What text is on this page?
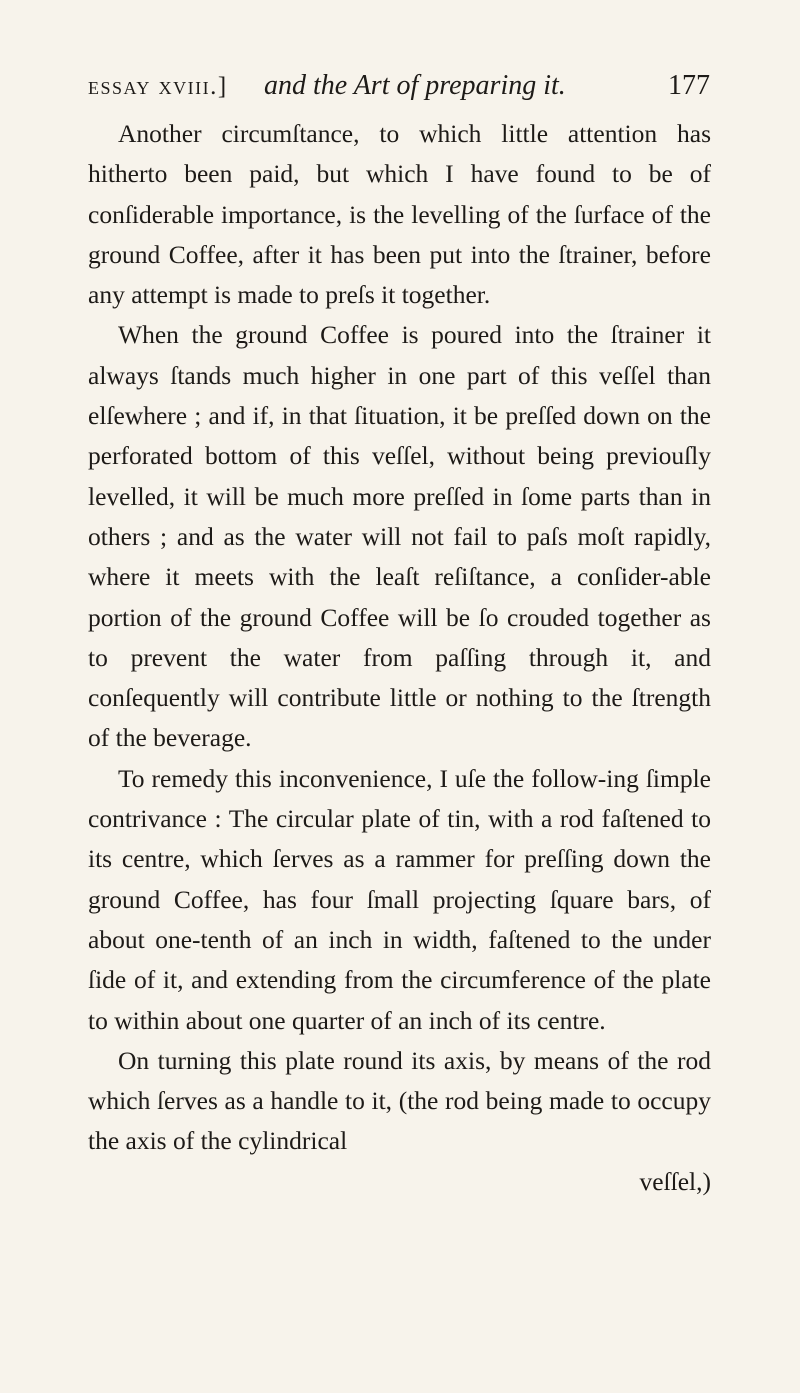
essay xviii.] and the Art of preparing it.	177

Another circumſtance, to which little attention has hitherto been paid, but which I have found to be of conſiderable importance, is the levelling of the ſurface of the ground Coffee, after it has been put into the ſtrainer, before any attempt is made to preſs it together.

When the ground Coffee is poured into the ſtrainer it always ſtands much higher in one part of this veſſel than elſewhere ; and if, in that ſituation, it be preſſed down on the perforated bottom of this veſſel, without being previouſly levelled, it will be much more preſſed in ſome parts than in others ; and as the water will not fail to paſs moſt rapidly, where it meets with the leaſt reſiſtance, a conſider-able portion of the ground Coffee will be ſo crouded together as to prevent the water from paſſing through it, and conſequently will contribute little or nothing to the ſtrength of the beverage.

To remedy this inconvenience, I uſe the follow-ing ſimple contrivance : The circular plate of tin, with a rod faſtened to its centre, which ſerves as a rammer for preſſing down the ground Coffee, has four ſmall projecting ſquare bars, of about one-tenth of an inch in width, faſtened to the under ſide of it, and extending from the circumference of the plate to within about one quarter of an inch of its centre.

On turning this plate round its axis, by means of the rod which ſerves as a handle to it, (the rod being made to occupy the axis of the cylindrical

veſſel,)
